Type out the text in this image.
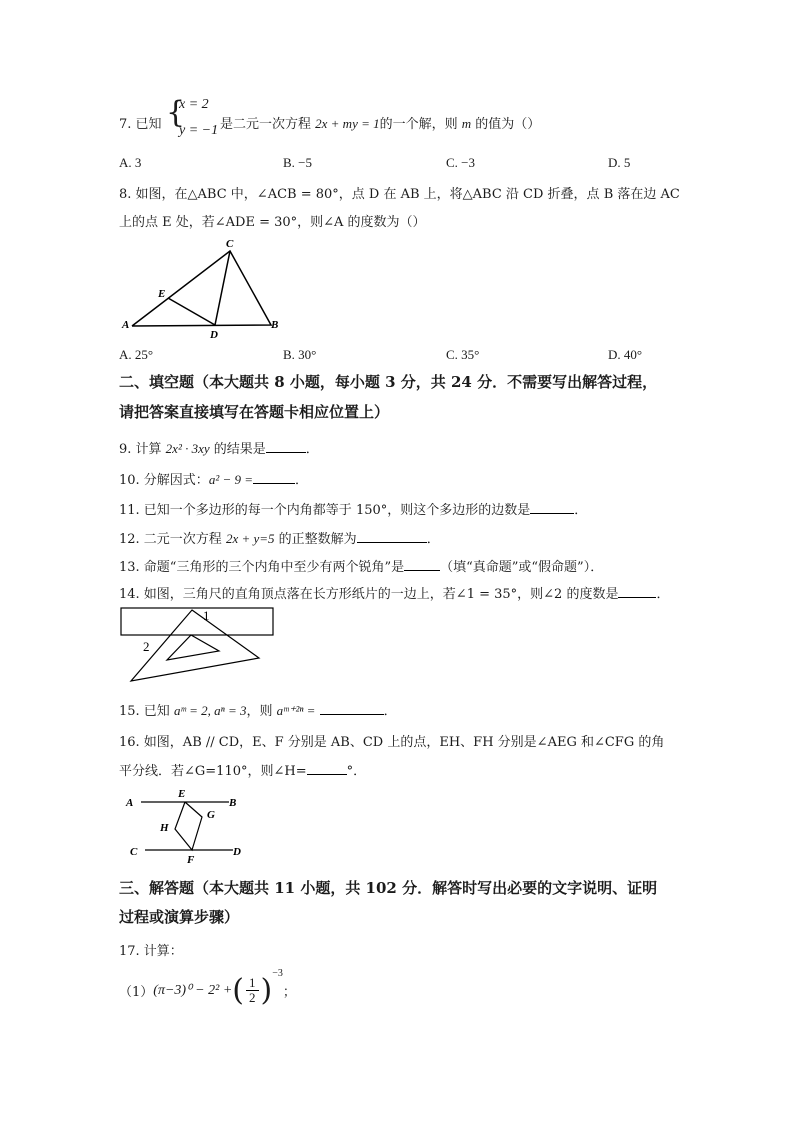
7. 已知 {
x = 2
y = −1 是二元一次方程 2x + my = 1的一个解，则 m 的值为（）
A. 3	B. −5	C. −3	D. 5
8. 如图，在△ABC 中，∠ACB = 80°，点 D 在 AB 上，将△ABC 沿 CD 折叠，点 B 落在边 AC
上的点 E 处，若∠ADE = 30°，则∠A 的度数为（）
C
E
A
D
B
A. 25°	B. 30°	C. 35°	D. 40°
二、填空题（本大题共 8 小题，每小题 3 分，共 24 分．不需要写出解答过程，
请把答案直接填写在答题卡相应位置上）
9. 计算 2x² · 3xy 的结果是	．
10. 分解因式：a² − 9 =	．
11. 已知一个多边形的每一个内角都等于 150°，则这个多边形的边数是	．
12. 二元一次方程 2x + y=5 的正整数解为	．
13. 命题“三角形的三个内角中至少有两个锐角”是	（填“真命题”或“假命题”）．
14. 如图，三角尺的直角顶点落在长方形纸片的一边上，若∠1 = 35°，则∠2 的度数是	．
1
2
15. 已知 aᵐ = 2, aⁿ = 3，则 aᵐ⁺²ⁿ =	．
16. 如图，AB // CD，E、F 分别是 AB、CD 上的点，EH、FH 分别是∠AEG 和∠CFG 的角
平分线．若∠G=110°，则∠H=	°．
A
E
B
H
G
C
F
D
三、解答题（本大题共 11 小题，共 102 分．解答时写出必要的文字说明、证明
过程或演算步骤）
17. 计算：
（1） (π−3)⁰ − 2² + ( $\frac{1}{2}$ ) −3
；
